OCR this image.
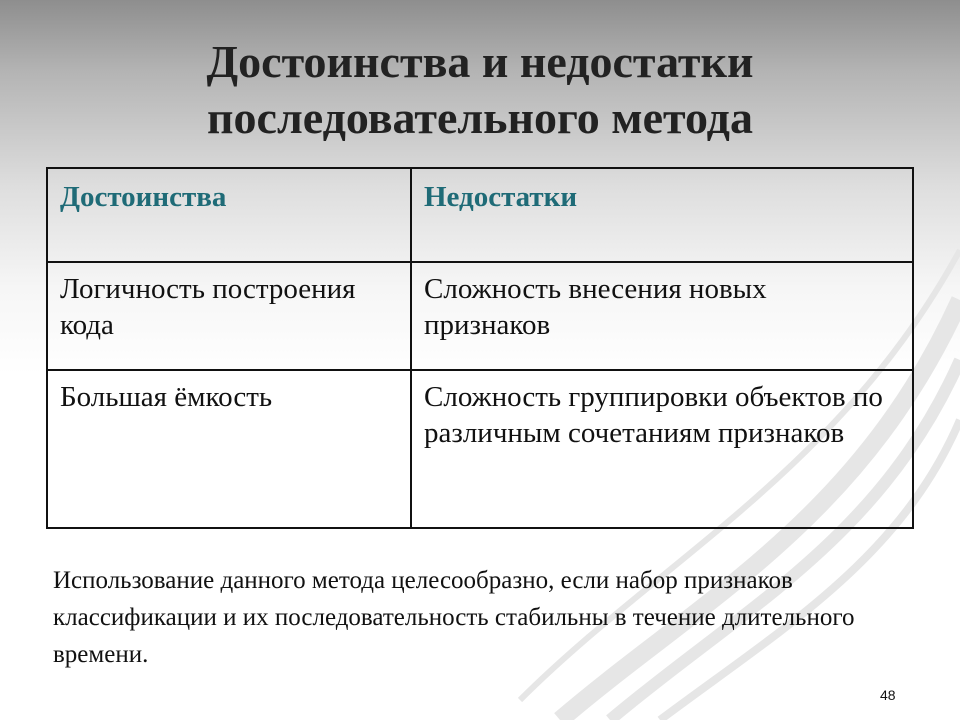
Достоинства и недостатки
последовательного метода
Достоинства	Недостатки
Логичность построения кода	Сложность внесения новых признаков
Большая ёмкость	Сложность группировки объектов по различным сочетаниям признаков
Использование данного метода целесообразно, если набор признаков классификации и их последовательность стабильны в течение длительного времени.
48
